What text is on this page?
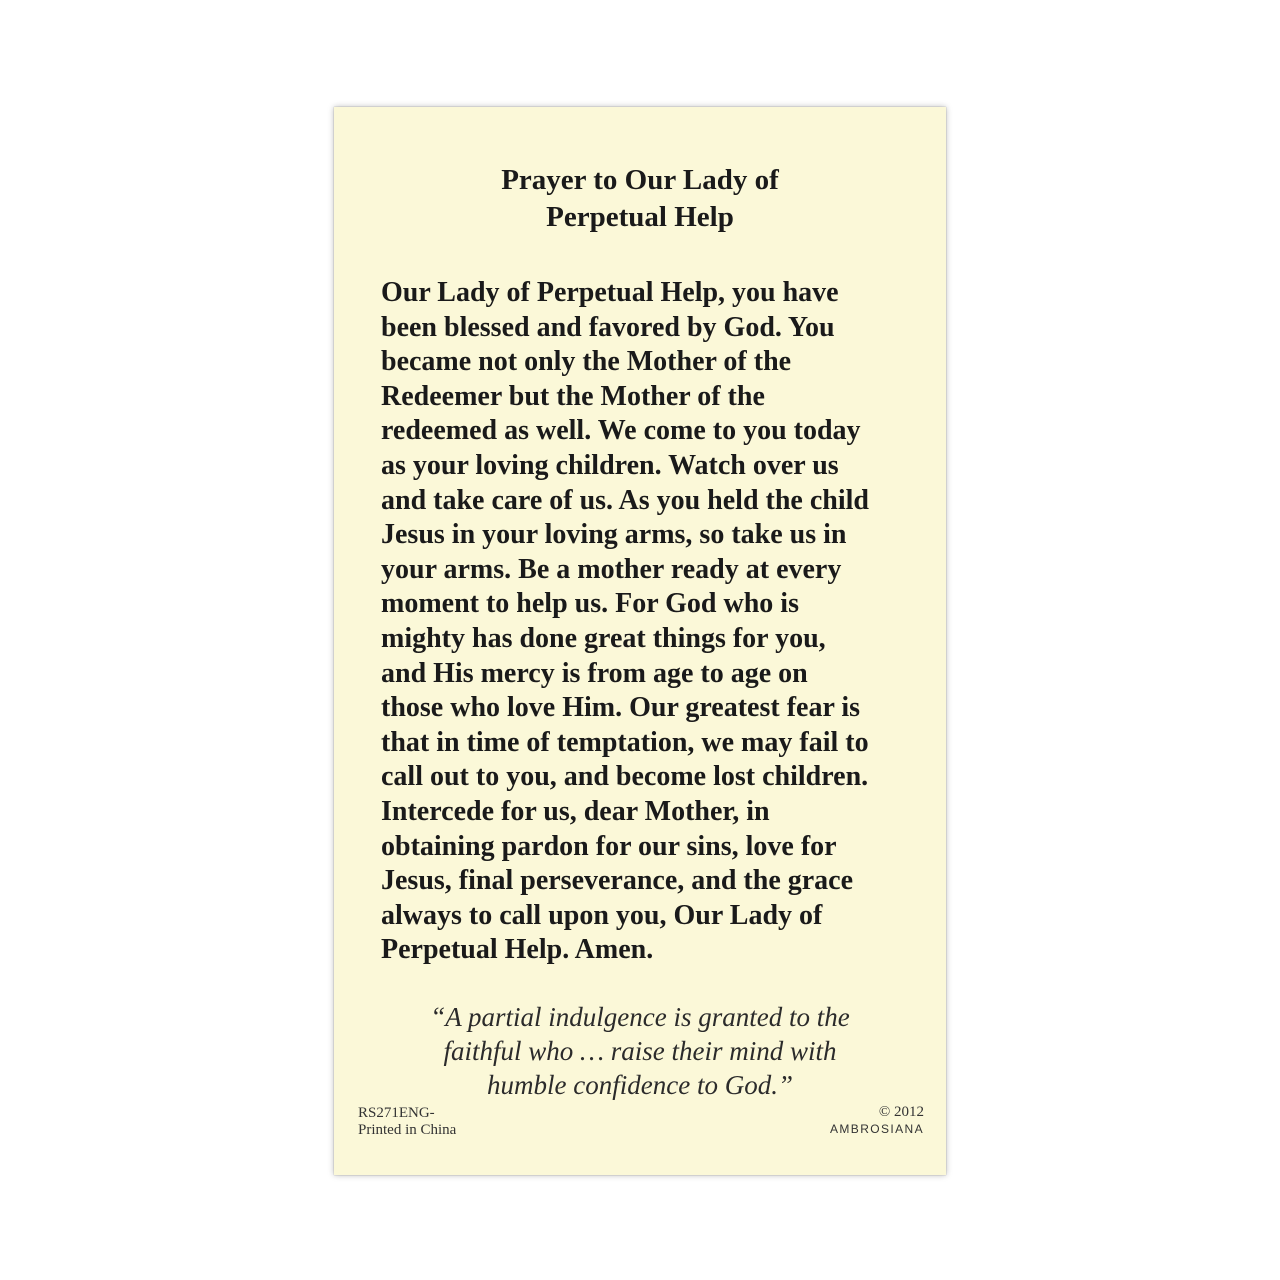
Prayer to Our Lady of
Perpetual Help

Our Lady of Perpetual Help, you have
been blessed and favored by God. You
became not only the Mother of the
Redeemer but the Mother of the
redeemed as well. We come to you today
as your loving children. Watch over us
and take care of us. As you held the child
Jesus in your loving arms, so take us in
your arms. Be a mother ready at every
moment to help us. For God who is
mighty has done great things for you,
and His mercy is from age to age on
those who love Him. Our greatest fear is
that in time of temptation, we may fail to
call out to you, and become lost children.
Intercede for us, dear Mother, in
obtaining pardon for our sins, love for
Jesus, final perseverance, and the grace
always to call upon you, Our Lady of
Perpetual Help. Amen.

“A partial indulgence is granted to the
faithful who … raise their mind with
humble confidence to God.”

RS271ENG-
Printed in China
© 2012
AMBROSIANA
